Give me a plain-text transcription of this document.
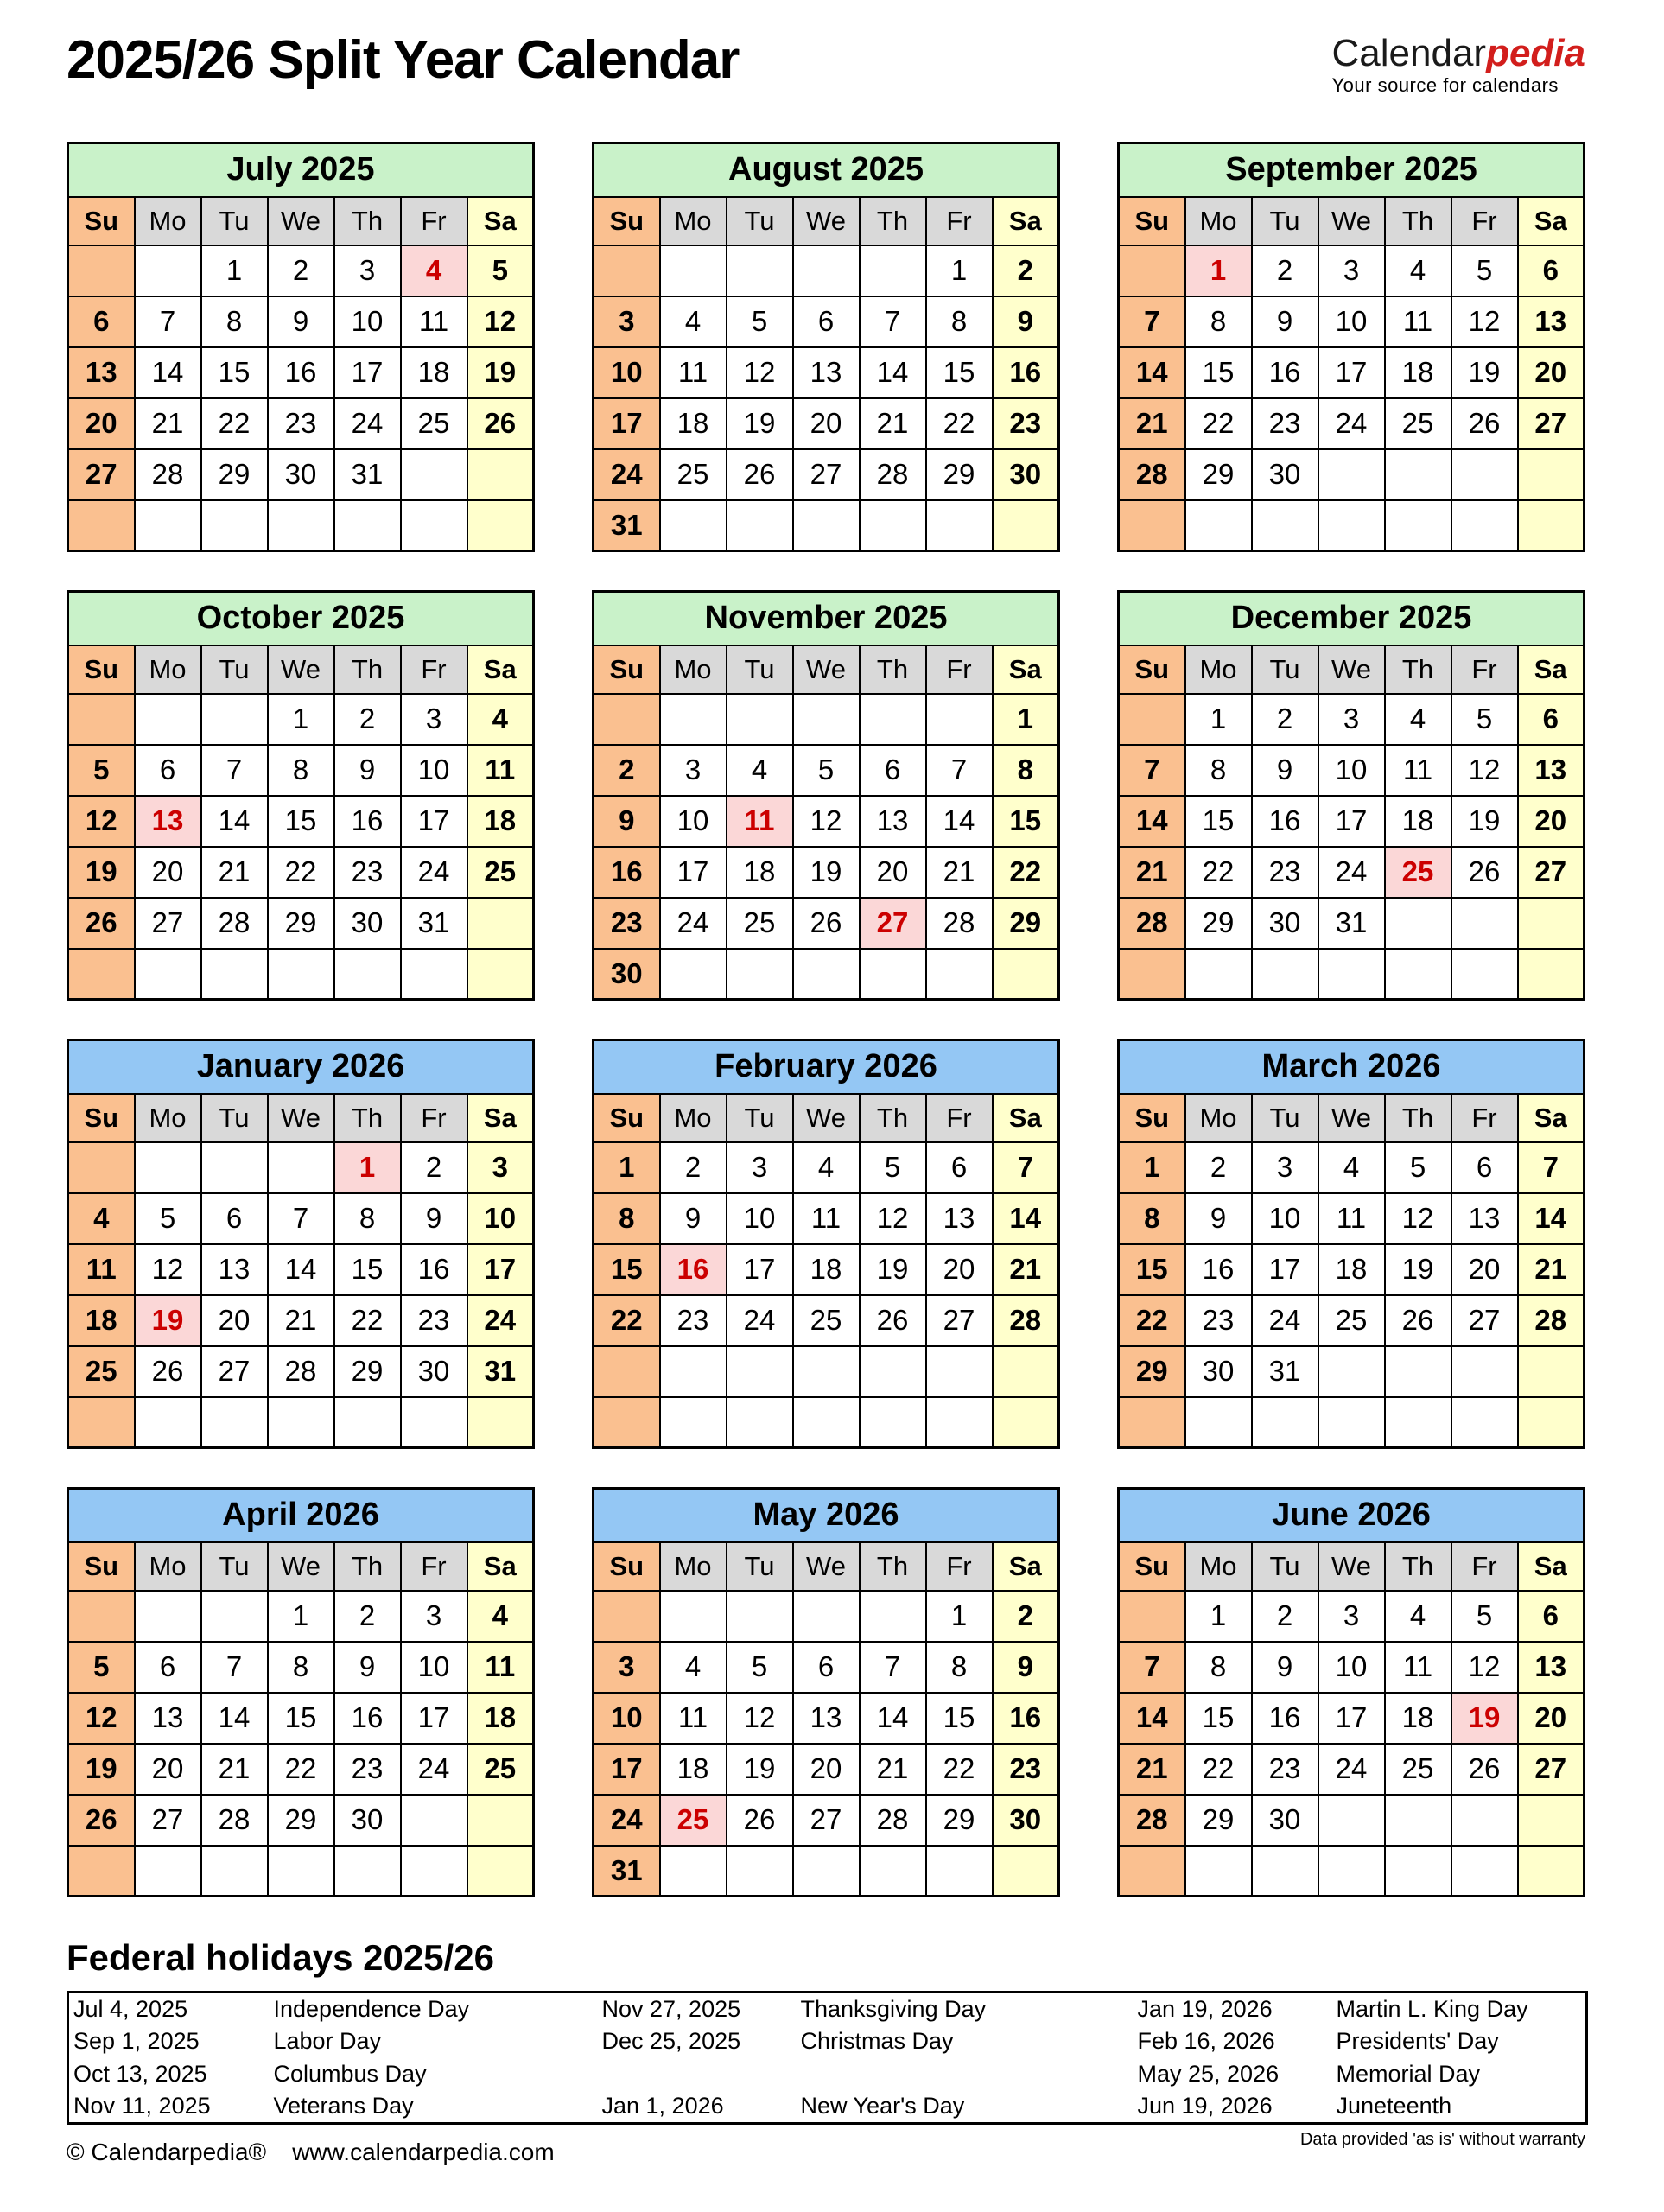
2025/26 Split Year Calendar	Calendarpedia
Your source for calendars
July 2025						
Su	Mo	Tu	We	Th	Fr	Sa
		1	2	3	4	5
6	7	8	9	10	11	12
13	14	15	16	17	18	19
20	21	22	23	24	25	26
27	28	29	30	31		

August 2025						
Su	Mo	Tu	We	Th	Fr	Sa
					1	2
3	4	5	6	7	8	9
10	11	12	13	14	15	16
17	18	19	20	21	22	23
24	25	26	27	28	29	30
31						
September 2025						
Su	Mo	Tu	We	Th	Fr	Sa
	1	2	3	4	5	6
7	8	9	10	11	12	13
14	15	16	17	18	19	20
21	22	23	24	25	26	27
28	29	30				

October 2025						
Su	Mo	Tu	We	Th	Fr	Sa
			1	2	3	4
5	6	7	8	9	10	11
12	13	14	15	16	17	18
19	20	21	22	23	24	25
26	27	28	29	30	31	

November 2025						
Su	Mo	Tu	We	Th	Fr	Sa
						1
2	3	4	5	6	7	8
9	10	11	12	13	14	15
16	17	18	19	20	21	22
23	24	25	26	27	28	29
30						
December 2025						
Su	Mo	Tu	We	Th	Fr	Sa
	1	2	3	4	5	6
7	8	9	10	11	12	13
14	15	16	17	18	19	20
21	22	23	24	25	26	27
28	29	30	31			

January 2026						
Su	Mo	Tu	We	Th	Fr	Sa
				1	2	3
4	5	6	7	8	9	10
11	12	13	14	15	16	17
18	19	20	21	22	23	24
25	26	27	28	29	30	31

February 2026						
Su	Mo	Tu	We	Th	Fr	Sa
1	2	3	4	5	6	7
8	9	10	11	12	13	14
15	16	17	18	19	20	21
22	23	24	25	26	27	28

March 2026						
Su	Mo	Tu	We	Th	Fr	Sa
1	2	3	4	5	6	7
8	9	10	11	12	13	14
15	16	17	18	19	20	21
22	23	24	25	26	27	28
29	30	31				

April 2026						
Su	Mo	Tu	We	Th	Fr	Sa
			1	2	3	4
5	6	7	8	9	10	11
12	13	14	15	16	17	18
19	20	21	22	23	24	25
26	27	28	29	30		

May 2026						
Su	Mo	Tu	We	Th	Fr	Sa
					1	2
3	4	5	6	7	8	9
10	11	12	13	14	15	16
17	18	19	20	21	22	23
24	25	26	27	28	29	30
31						
June 2026						
Su	Mo	Tu	We	Th	Fr	Sa
	1	2	3	4	5	6
7	8	9	10	11	12	13
14	15	16	17	18	19	20
21	22	23	24	25	26	27
28	29	30				

Federal holidays 2025/26
Jul 4, 2025	Independence Day	Nov 27, 2025	Thanksgiving Day	Jan 19, 2026	Martin L. King Day
Sep 1, 2025	Labor Day	Dec 25, 2025	Christmas Day	Feb 16, 2026	Presidents' Day
Oct 13, 2025	Columbus Day			May 25, 2026	Memorial Day
Nov 11, 2025	Veterans Day	Jan 1, 2026	New Year's Day	Jun 19, 2026	Juneteenth
© Calendarpedia® www.calendarpedia.com	Data provided 'as is' without warranty
